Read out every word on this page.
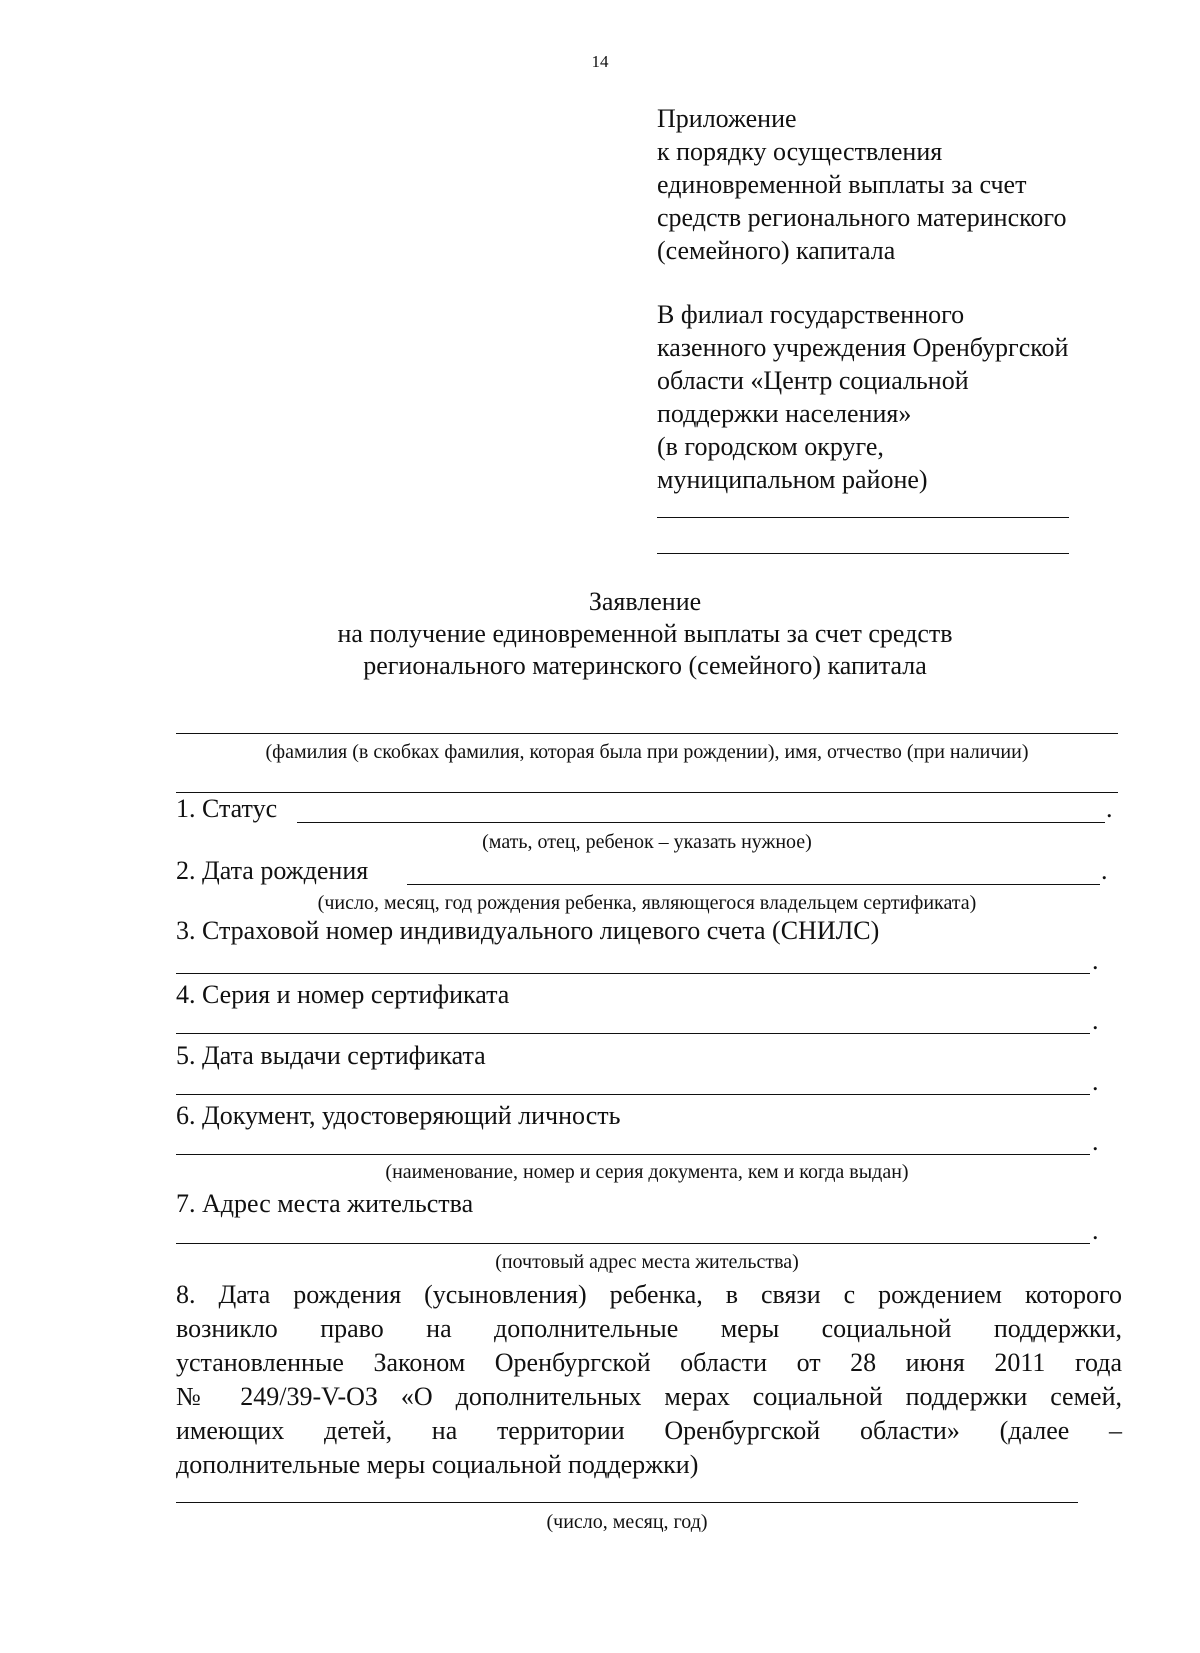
14
Приложение
к порядку осуществления
единовременной выплаты за счет
средств регионального материнского
(семейного) капитала
В филиал государственного
казенного учреждения Оренбургской
области «Центр социальной
поддержки населения»
(в городском округе,
муниципальном районе)
Заявление
на получение единовременной выплаты за счет средств
регионального материнского (семейного) капитала
(фамилия (в скобках фамилия, которая была при рождении), имя, отчество (при наличии)
1. Статус	.
(мать, отец, ребенок – указать нужное)
2. Дата рождения	.
(число, месяц, год рождения ребенка, являющегося владельцем сертификата)
3. Страховой номер индивидуального лицевого счета (СНИЛС)
.
4. Серия и номер сертификата
.
5. Дата выдачи сертификата
.
6. Документ, удостоверяющий личность
.
(наименование, номер и серия документа, кем и когда выдан)
7. Адрес места жительства
.
(почтовый адрес места жительства)
8. Дата рождения (усыновления) ребенка, в связи с рождением которого
возникло право на дополнительные меры социальной поддержки,
установленные Законом Оренбургской области от 28 июня 2011 года
№ 249/39-V-ОЗ «О дополнительных мерах социальной поддержки семей,
имеющих детей, на территории Оренбургской области» (далее –
дополнительные меры социальной поддержки)
(число, месяц, год)
